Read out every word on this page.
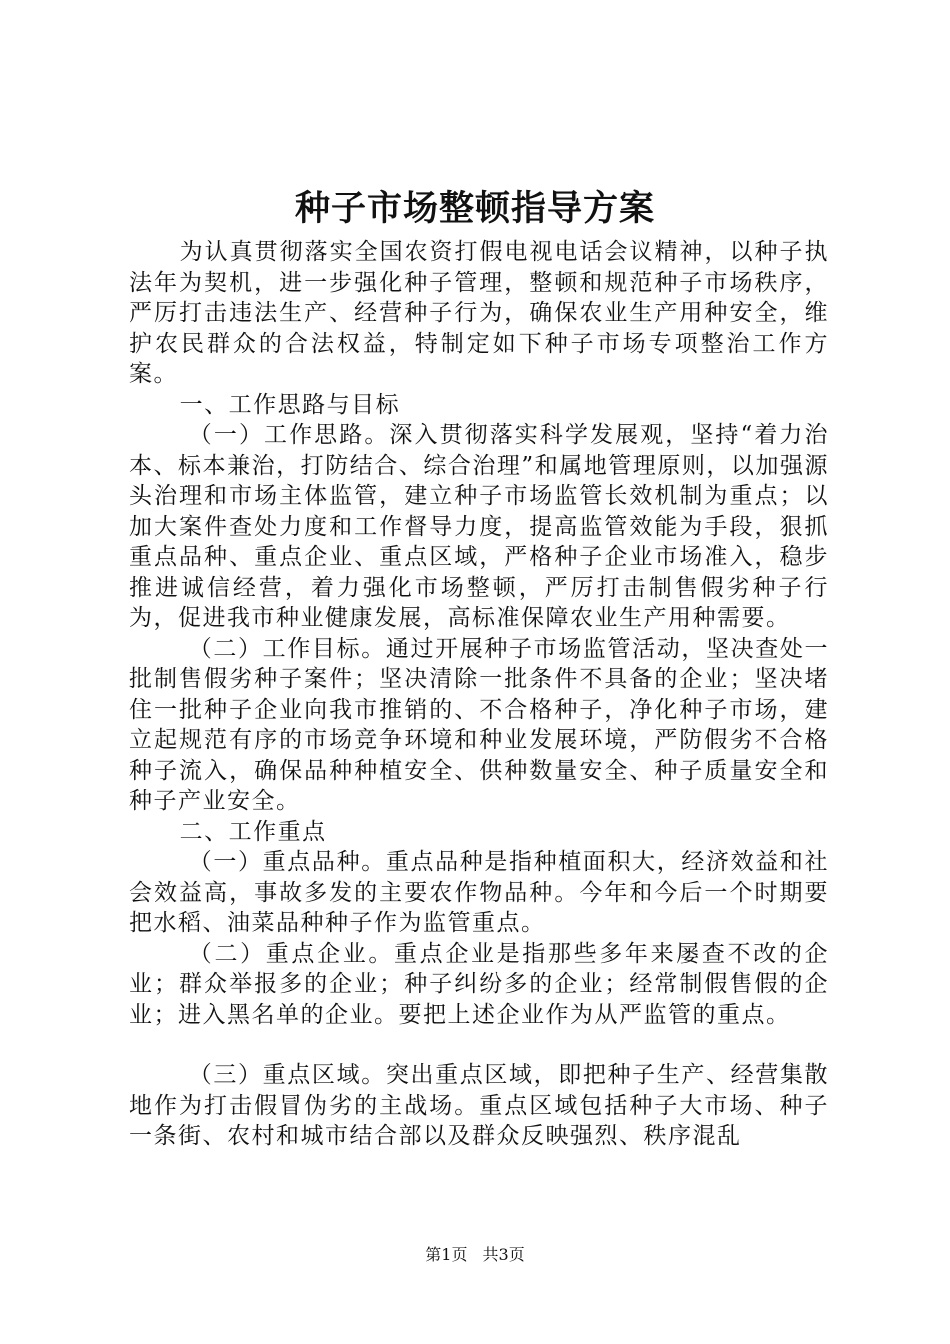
种子市场整顿指导方案

为认真贯彻落实全国农资打假电视电话会议精神，以种子执法年为契机，进一步强化种子管理，整顿和规范种子市场秩序，严厉打击违法生产、经营种子行为，确保农业生产用种安全，维护农民群众的合法权益，特制定如下种子市场专项整治工作方案。

一、工作思路与目标

（一）工作思路。深入贯彻落实科学发展观，坚持“着力治本、标本兼治，打防结合、综合治理”和属地管理原则，以加强源头治理和市场主体监管，建立种子市场监管长效机制为重点；以加大案件查处力度和工作督导力度，提高监管效能为手段，狠抓重点品种、重点企业、重点区域，严格种子企业市场准入，稳步推进诚信经营，着力强化市场整顿，严厉打击制售假劣种子行为，促进我市种业健康发展，高标准保障农业生产用种需要。

（二）工作目标。通过开展种子市场监管活动，坚决查处一批制售假劣种子案件；坚决清除一批条件不具备的企业；坚决堵住一批种子企业向我市推销的、不合格种子，净化种子市场，建立起规范有序的市场竞争环境和种业发展环境，严防假劣不合格种子流入，确保品种种植安全、供种数量安全、种子质量安全和种子产业安全。

二、工作重点

（一）重点品种。重点品种是指种植面积大，经济效益和社会效益高，事故多发的主要农作物品种。今年和今后一个时期要把水稻、油菜品种种子作为监管重点。

（二）重点企业。重点企业是指那些多年来屡查不改的企业；群众举报多的企业；种子纠纷多的企业；经常制假售假的企业；进入黑名单的企业。要把上述企业作为从严监管的重点。

（三）重点区域。突出重点区域，即把种子生产、经营集散地作为打击假冒伪劣的主战场。重点区域包括种子大市场、种子一条街、农村和城市结合部以及群众反映强烈、秩序混乱

第1页 共3页
